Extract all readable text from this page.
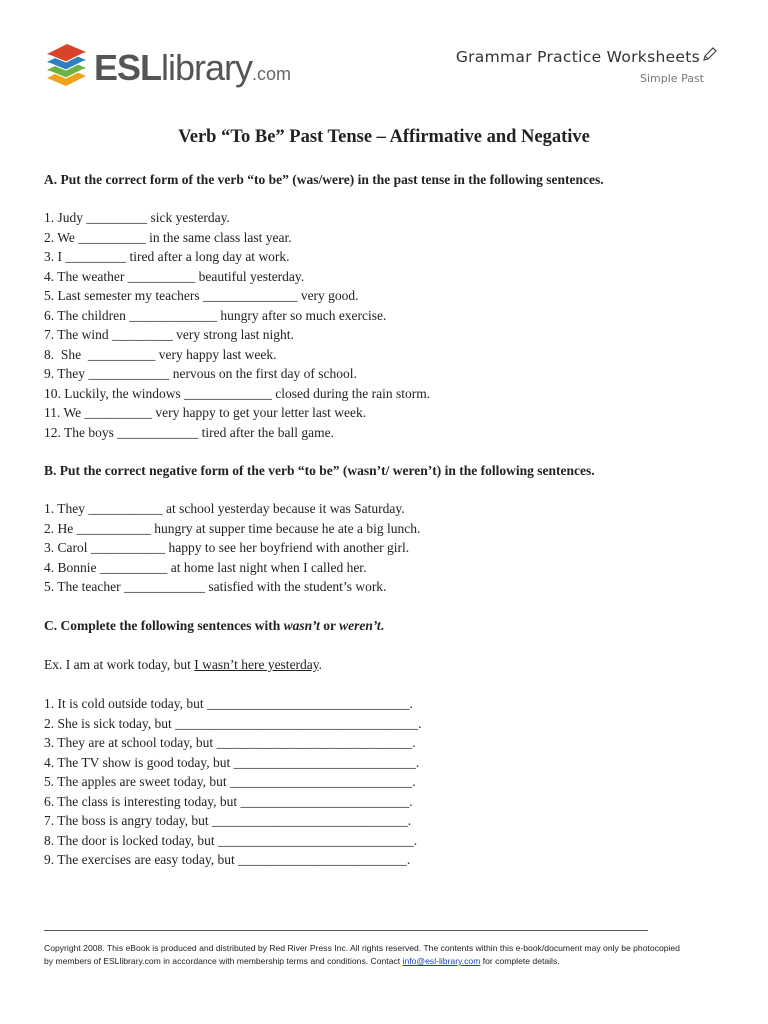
ESLlibrary.com
Grammar Practice Worksheets
Simple Past
Verb “To Be” Past Tense – Affirmative and Negative
A. Put the correct form of the verb “to be” (was/were) in the past tense in the following sentences.
1. Judy _________ sick yesterday.
2. We __________ in the same class last year.
3. I _________ tired after a long day at work.
4. The weather __________ beautiful yesterday.
5. Last semester my teachers ______________ very good.
6. The children _____________ hungry after so much exercise.
7. The wind _________ very strong last night.
8.  She  __________ very happy last week.
9. They ____________ nervous on the first day of school.
10. Luckily, the windows _____________ closed during the rain storm.
11. We __________ very happy to get your letter last week.
12. The boys ____________ tired after the ball game.
B. Put the correct negative form of the verb “to be” (wasn’t/ weren’t) in the following sentences.
1. They ___________ at school yesterday because it was Saturday.
2. He ___________ hungry at supper time because he ate a big lunch.
3. Carol ___________ happy to see her boyfriend with another girl.
4. Bonnie __________ at home last night when I called her.
5. The teacher ____________ satisfied with the student’s work.
C. Complete the following sentences with wasn’t or weren’t.
Ex. I am at work today, but I wasn’t here yesterday.
1. It is cold outside today, but ______________________________.
2. She is sick today, but ____________________________________.
3. They are at school today, but _____________________________.
4. The TV show is good today, but ___________________________.
5. The apples are sweet today, but ___________________________.
6. The class is interesting today, but _________________________.
7. The boss is angry today, but _____________________________.
8. The door is locked today, but _____________________________.
9. The exercises are easy today, but _________________________.
Copyright 2008. This eBook is produced and distributed by Red River Press Inc. All rights reserved. The contents within this e-book/document may only be photocopied by members of ESLlibrary.com in accordance with membership terms and conditions. Contact info@esl-library.com for complete details.
